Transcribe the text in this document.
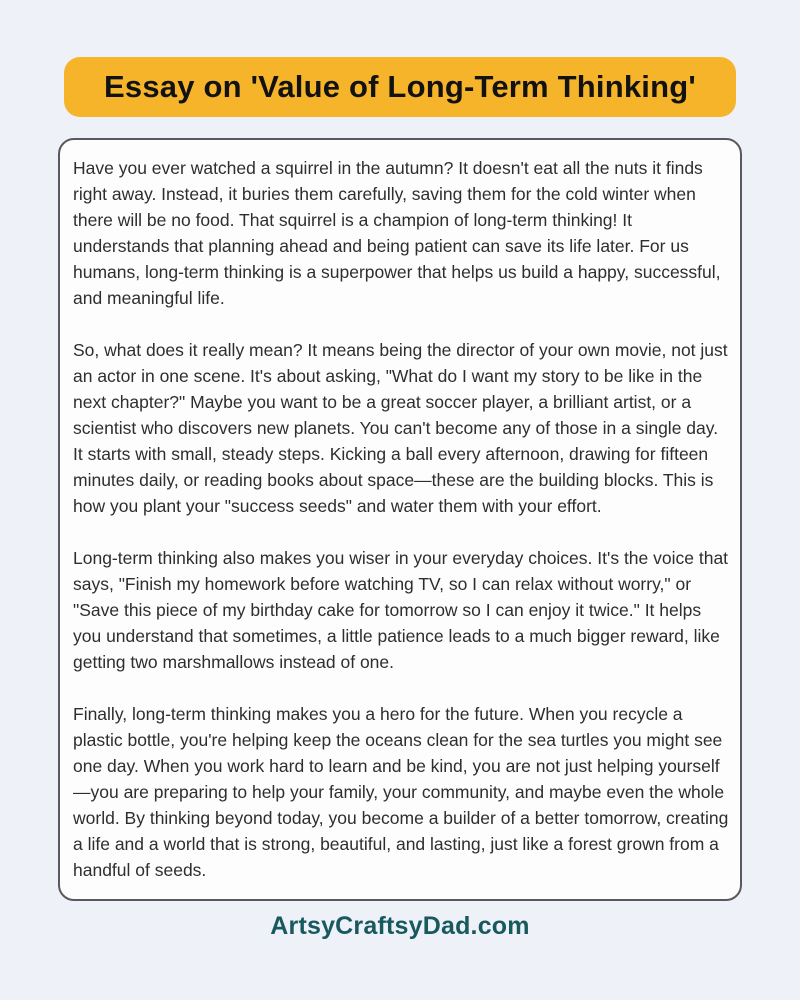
Essay on 'Value of Long-Term Thinking'

Have you ever watched a squirrel in the autumn? It doesn't eat all the nuts it finds right away. Instead, it buries them carefully, saving them for the cold winter when there will be no food. That squirrel is a champion of long-term thinking! It understands that planning ahead and being patient can save its life later. For us humans, long-term thinking is a superpower that helps us build a happy, successful, and meaningful life.

So, what does it really mean? It means being the director of your own movie, not just an actor in one scene. It's about asking, "What do I want my story to be like in the next chapter?" Maybe you want to be a great soccer player, a brilliant artist, or a scientist who discovers new planets. You can't become any of those in a single day. It starts with small, steady steps. Kicking a ball every afternoon, drawing for fifteen minutes daily, or reading books about space—these are the building blocks. This is how you plant your "success seeds" and water them with your effort.

Long-term thinking also makes you wiser in your everyday choices. It's the voice that says, "Finish my homework before watching TV, so I can relax without worry," or "Save this piece of my birthday cake for tomorrow so I can enjoy it twice." It helps you understand that sometimes, a little patience leads to a much bigger reward, like getting two marshmallows instead of one.

Finally, long-term thinking makes you a hero for the future. When you recycle a plastic bottle, you're helping keep the oceans clean for the sea turtles you might see one day. When you work hard to learn and be kind, you are not just helping yourself—you are preparing to help your family, your community, and maybe even the whole world. By thinking beyond today, you become a builder of a better tomorrow, creating a life and a world that is strong, beautiful, and lasting, just like a forest grown from a handful of seeds.

ArtsyCraftsyDad.com
